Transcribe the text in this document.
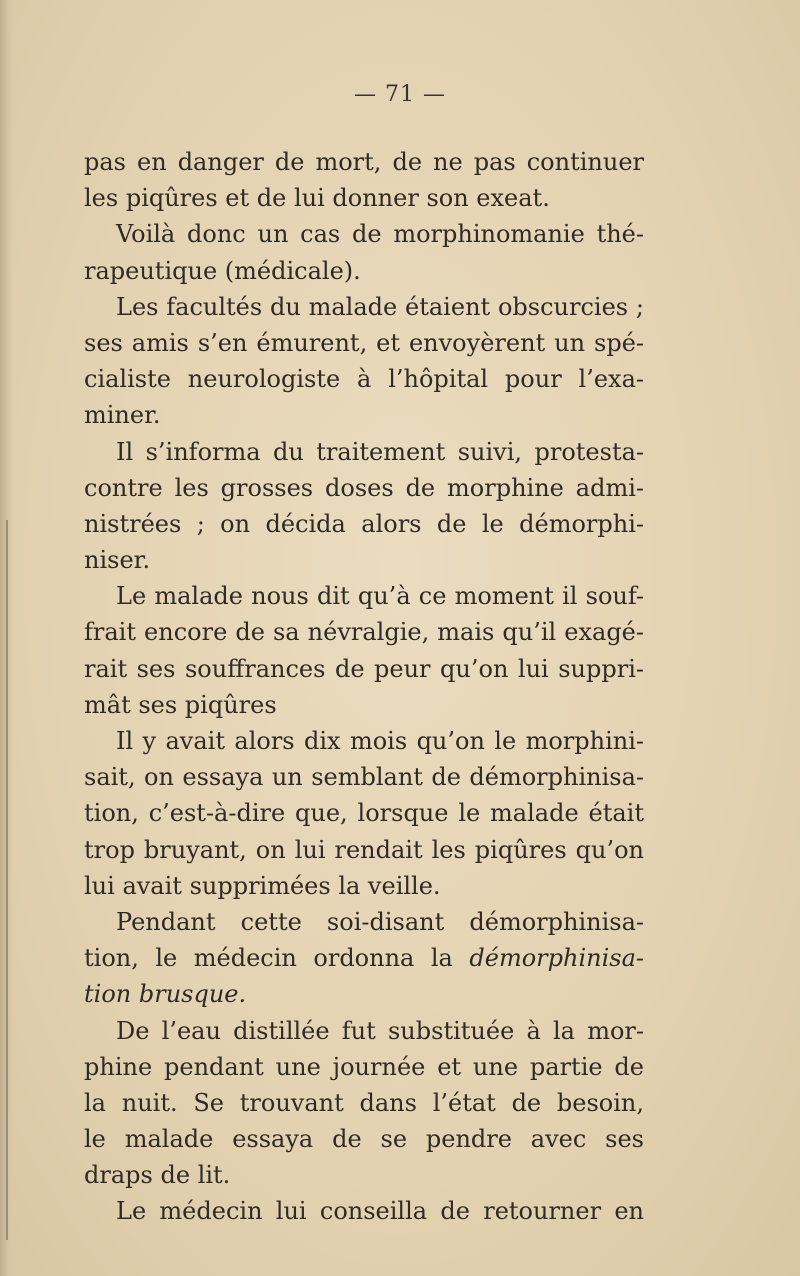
— 71 —
pas en danger de mort, de ne pas continuer
les piqûres et de lui donner son exeat.
Voilà donc un cas de morphinomanie thé-
rapeutique (médicale).
Les facultés du malade étaient obscurcies ;
ses amis s’en émurent, et envoyèrent un spé-
cialiste neurologiste à l’hôpital pour l’exa-
miner.
Il s’informa du traitement suivi, protesta-
contre les grosses doses de morphine admi-
nistrées ; on décida alors de le démorphi-
niser.
Le malade nous dit qu’à ce moment il souf-
frait encore de sa névralgie, mais qu’il exagé-
rait ses souffrances de peur qu’on lui suppri-
mât ses piqûres
Il y avait alors dix mois qu’on le morphini-
sait, on essaya un semblant de démorphinisa-
tion, c’est-à-dire que, lorsque le malade était
trop bruyant, on lui rendait les piqûres qu’on
lui avait supprimées la veille.
Pendant cette soi-disant démorphinisa-
tion, le médecin ordonna la démorphinisa-
tion brusque.
De l’eau distillée fut substituée à la mor-
phine pendant une journée et une partie de
la nuit. Se trouvant dans l’état de besoin,
le malade essaya de se pendre avec ses
draps de lit.
Le médecin lui conseilla de retourner en
